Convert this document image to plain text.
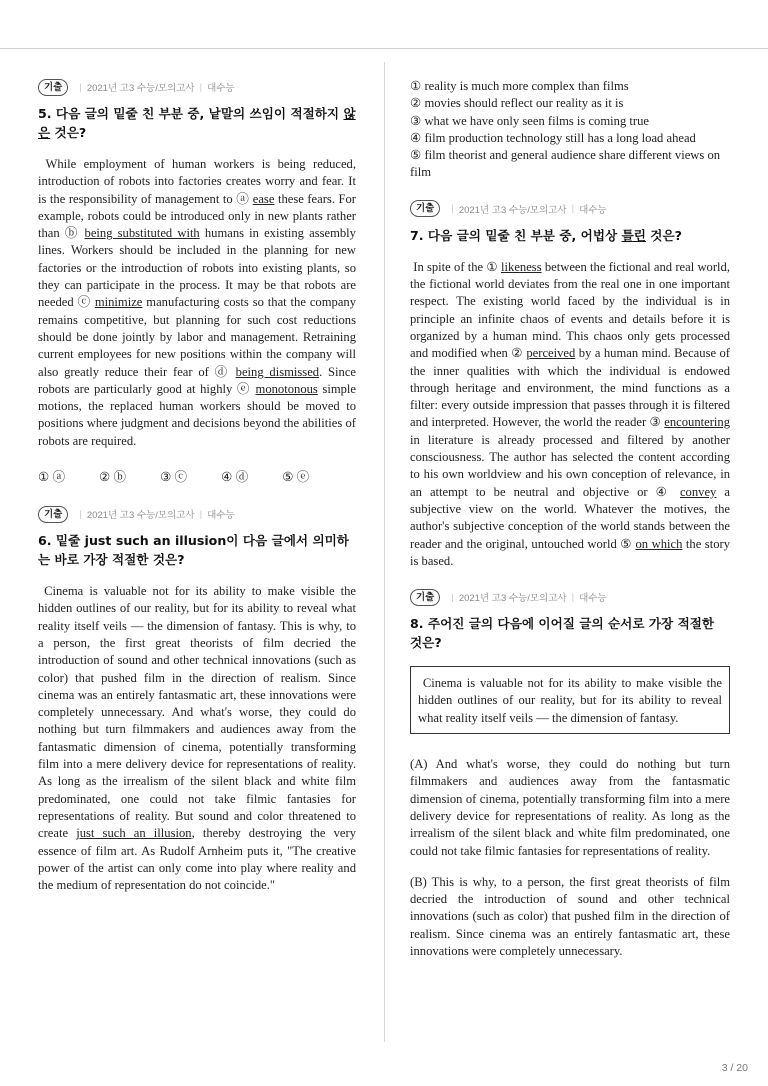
기출	| 2021년 고3 수능/모의고사 | 대수능

5. 다음 글의 밑줄 친 부분 중, 낱말의 쓰임이 적절하지 않은 것은?

While employment of human workers is being reduced, introduction of robots into factories creates worry and fear. It is the responsibility of management to ⓐ ease these fears. For example, robots could be introduced only in new plants rather than ⓑ being substituted with humans in existing assembly lines. Workers should be included in the planning for new factories or the introduction of robots into existing plants, so they can participate in the process. It may be that robots are needed ⓒ minimize manufacturing costs so that the company remains competitive, but planning for such cost reductions should be done jointly by labor and management. Retraining current employees for new positions within the company will also greatly reduce their fear of ⓓ being dismissed. Since robots are particularly good at highly ⓔ monotonous simple motions, the replaced human workers should be moved to positions where judgment and decisions beyond the abilities of robots are required.

① ⓐ	② ⓑ	③ ⓒ	④ ⓓ	⑤ ⓔ
기출	| 2021년 고3 수능/모의고사 | 대수능

6. 밑줄 just such an illusion이 다음 글에서 의미하는 바로 가장 적절한 것은?

Cinema is valuable not for its ability to make visible the hidden outlines of our reality, but for its ability to reveal what reality itself veils — the dimension of fantasy. This is why, to a person, the first great theorists of film decried the introduction of sound and other technical innovations (such as color) that pushed film in the direction of realism. Since cinema was an entirely fantasmatic art, these innovations were completely unnecessary. And what's worse, they could do nothing but turn filmmakers and audiences away from the fantasmatic dimension of cinema, potentially transforming film into a mere delivery device for representations of reality. As long as the irrealism of the silent black and white film predominated, one could not take filmic fantasies for representations of reality. But sound and color threatened to create just such an illusion, thereby destroying the very essence of film art. As Rudolf Arnheim puts it, "The creative power of the artist can only come into play where reality and the medium of representation do not coincide."

① reality is much more complex than films

② movies should reflect our reality as it is

③ what we have only seen films is coming true

④ film production technology still has a long load ahead

⑤ film theorist and general audience share different views on film

기출	| 2021년 고3 수능/모의고사 | 대수능

7. 다음 글의 밑줄 친 부분 중, 어법상 틀린 것은?

In spite of the ① likeness between the fictional and real world, the fictional world deviates from the real one in one important respect. The existing world faced by the individual is in principle an infinite chaos of events and details before it is organized by a human mind. This chaos only gets processed and modified when ② perceived by a human mind. Because of the inner qualities with which the individual is endowed through heritage and environment, the mind functions as a filter: every outside impression that passes through it is filtered and interpreted. However, the world the reader ③ encountering in literature is already processed and filtered by another consciousness. The author has selected the content according to his own worldview and his own conception of relevance, in an attempt to be neutral and objective or ④ convey a subjective view on the world. Whatever the motives, the author's subjective conception of the world stands between the reader and the original, untouched world ⑤ on which the story is based.

기출	| 2021년 고3 수능/모의고사 | 대수능

8. 주어진 글의 다음에 이어질 글의 순서로 가장 적절한 것은?

Cinema is valuable not for its ability to make visible the hidden outlines of our reality, but for its ability to reveal what reality itself veils — the dimension of fantasy.

(A) And what's worse, they could do nothing but turn filmmakers and audiences away from the fantasmatic dimension of cinema, potentially transforming film into a mere delivery device for representations of reality. As long as the irrealism of the silent black and white film predominated, one could not take filmic fantasies for representations of reality.

(B) This is why, to a person, the first great theorists of film decried the introduction of sound and other technical innovations (such as color) that pushed film in the direction of realism. Since cinema was an entirely fantasmatic art, these innovations were completely unnecessary.

3 / 20
